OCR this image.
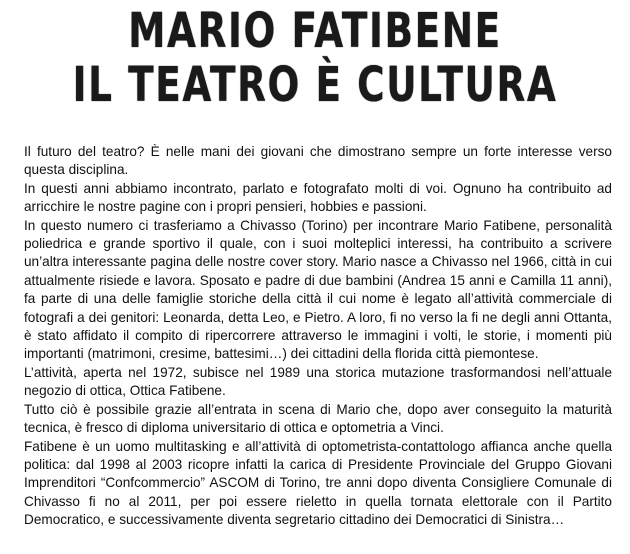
MARIO FATIBENE
IL TEATRO È CULTURA

Il futuro del teatro? È nelle mani dei giovani che dimostrano sempre un forte interesse verso questa disciplina.

In questi anni abbiamo incontrato, parlato e fotografato molti di voi. Ognuno ha contribuito ad arricchire le nostre pagine con i propri pensieri, hobbies e passioni.

In questo numero ci trasferiamo a Chivasso (Torino) per incontrare Mario Fatibene, personalità poliedrica e grande sportivo il quale, con i suoi molteplici interessi, ha contribuito a scrivere un’altra interessante pagina delle nostre cover story. Mario nasce a Chivasso nel 1966, città in cui attualmente risiede e lavora. Sposato e padre di due bambini (Andrea 15 anni e Camilla 11 anni), fa parte di una delle famiglie storiche della città il cui nome è legato all’attività commerciale di fotografi a dei genitori: Leonarda, detta Leo, e Pietro. A loro, fi no verso la fi ne degli anni Ottanta, è stato affidato il compito di ripercorrere attraverso le immagini i volti, le storie, i momenti più importanti (matrimoni, cresime, battesimi…) dei cittadini della florida città piemontese.

L’attività, aperta nel 1972, subisce nel 1989 una storica mutazione trasformandosi nell’attuale negozio di ottica, Ottica Fatibene.

Tutto ciò è possibile grazie all’entrata in scena di Mario che, dopo aver conseguito la maturità tecnica, è fresco di diploma universitario di ottica e optometria a Vinci.

Fatibene è un uomo multitasking e all’attività di optometrista-contattologo affianca anche quella politica: dal 1998 al 2003 ricopre infatti la carica di Presidente Provinciale del Gruppo Giovani Imprenditori “Confcommercio” ASCOM di Torino, tre anni dopo diventa Consigliere Comunale di Chivasso fi no al 2011, per poi essere rieletto in quella tornata elettorale con il Partito Democratico, e successivamente diventa segretario cittadino dei Democratici di Sinistra…
